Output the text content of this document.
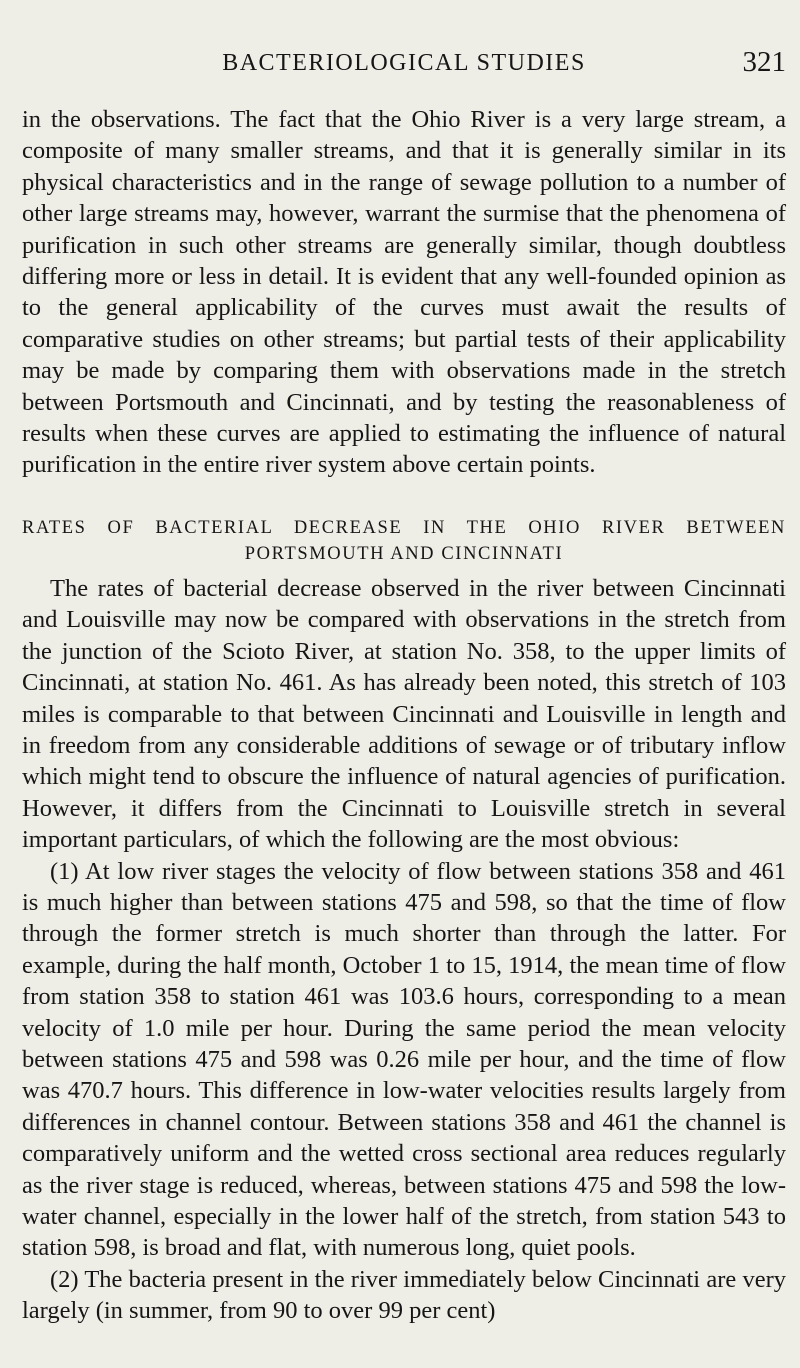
BACTERIOLOGICAL STUDIES	321

in the observations. The fact that the Ohio River is a very large stream, a composite of many smaller streams, and that it is generally similar in its physical characteristics and in the range of sewage pollution to a number of other large streams may, however, warrant the surmise that the phenomena of purification in such other streams are generally similar, though doubtless differing more or less in detail. It is evident that any well-founded opinion as to the general applicability of the curves must await the results of comparative studies on other streams; but partial tests of their applicability may be made by comparing them with observations made in the stretch between Portsmouth and Cincinnati, and by testing the reasonableness of results when these curves are applied to estimating the influence of natural purification in the entire river system above certain points.

RATES OF BACTERIAL DECREASE IN THE OHIO RIVER BETWEEN
PORTSMOUTH AND CINCINNATI

The rates of bacterial decrease observed in the river between Cincinnati and Louisville may now be compared with observations in the stretch from the junction of the Scioto River, at station No. 358, to the upper limits of Cincinnati, at station No. 461. As has already been noted, this stretch of 103 miles is comparable to that between Cincinnati and Louisville in length and in freedom from any considerable additions of sewage or of tributary inflow which might tend to obscure the influence of natural agencies of purification. However, it differs from the Cincinnati to Louisville stretch in several important particulars, of which the following are the most obvious:

(1) At low river stages the velocity of flow between stations 358 and 461 is much higher than between stations 475 and 598, so that the time of flow through the former stretch is much shorter than through the latter. For example, during the half month, October 1 to 15, 1914, the mean time of flow from station 358 to station 461 was 103.6 hours, corresponding to a mean velocity of 1.0 mile per hour. During the same period the mean velocity between stations 475 and 598 was 0.26 mile per hour, and the time of flow was 470.7 hours. This difference in low-water velocities results largely from differences in channel contour. Between stations 358 and 461 the channel is comparatively uniform and the wetted cross sectional area reduces regularly as the river stage is reduced, whereas, between stations 475 and 598 the low-water channel, especially in the lower half of the stretch, from station 543 to station 598, is broad and flat, with numerous long, quiet pools.

(2) The bacteria present in the river immediately below Cincinnati are very largely (in summer, from 90 to over 99 per cent)
